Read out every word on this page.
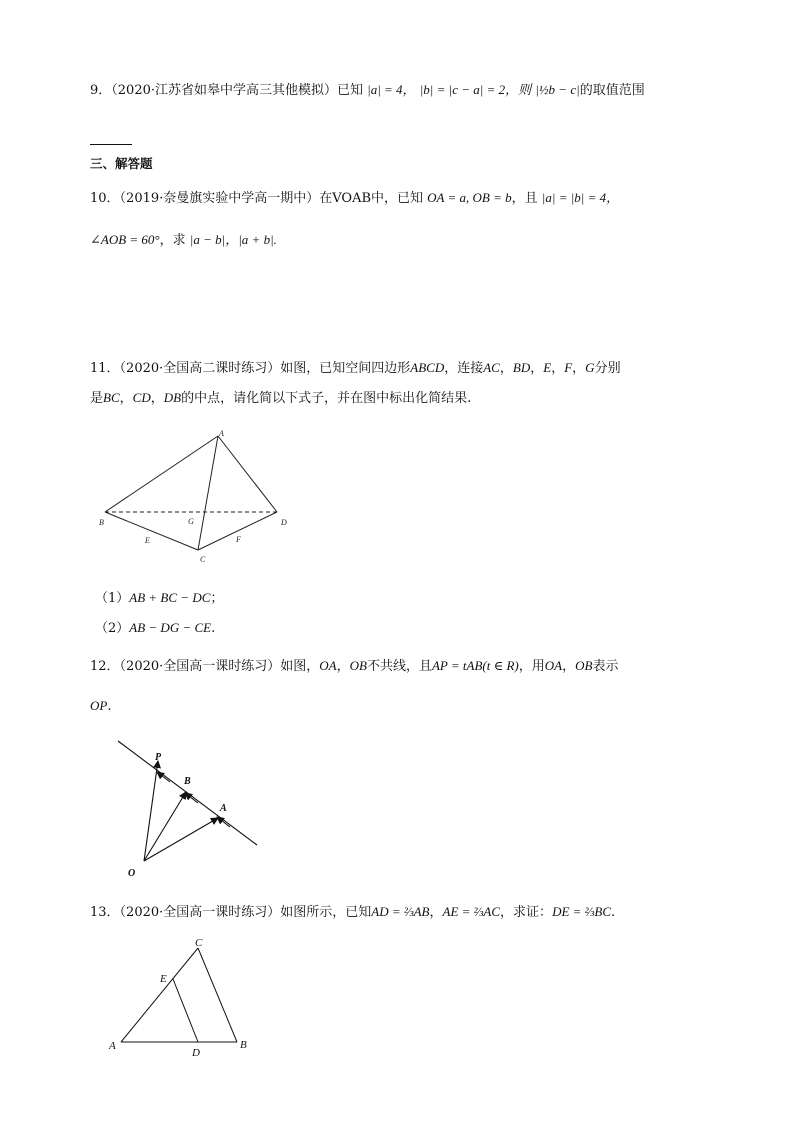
9．（2020·江苏省如皋中学高三其他模拟）已知 |a| = 4， |b| = |c − a| = 2，则 |½b − c|的取值范围
三、解答题
10．（2019·奈曼旗实验中学高一期中）在VOAB中，已知 OA = a, OB = b，且 |a| = |b| = 4，
∠AOB = 60°，求 |a − b|，|a + b|.
11．（2020·全国高二课时练习）如图，已知空间四边形ABCD，连接AC，BD，E，F，G分别
是BC，CD，DB的中点，请化简以下式子，并在图中标出化简结果.
A
B
C
D
E	F
G
（1）AB + BC − DC；
（2）AB − DG − CE.
12．（2020·全国高一课时练习）如图，OA，OB不共线，且AP = tAB(t ∈ R)，用OA，OB表示
OP.
P
B
A
O
13．（2020·全国高一课时练习）如图所示，已知AD = ⅔AB，AE = ⅔AC，求证：DE = ⅔BC.
C
E
A
D
B
